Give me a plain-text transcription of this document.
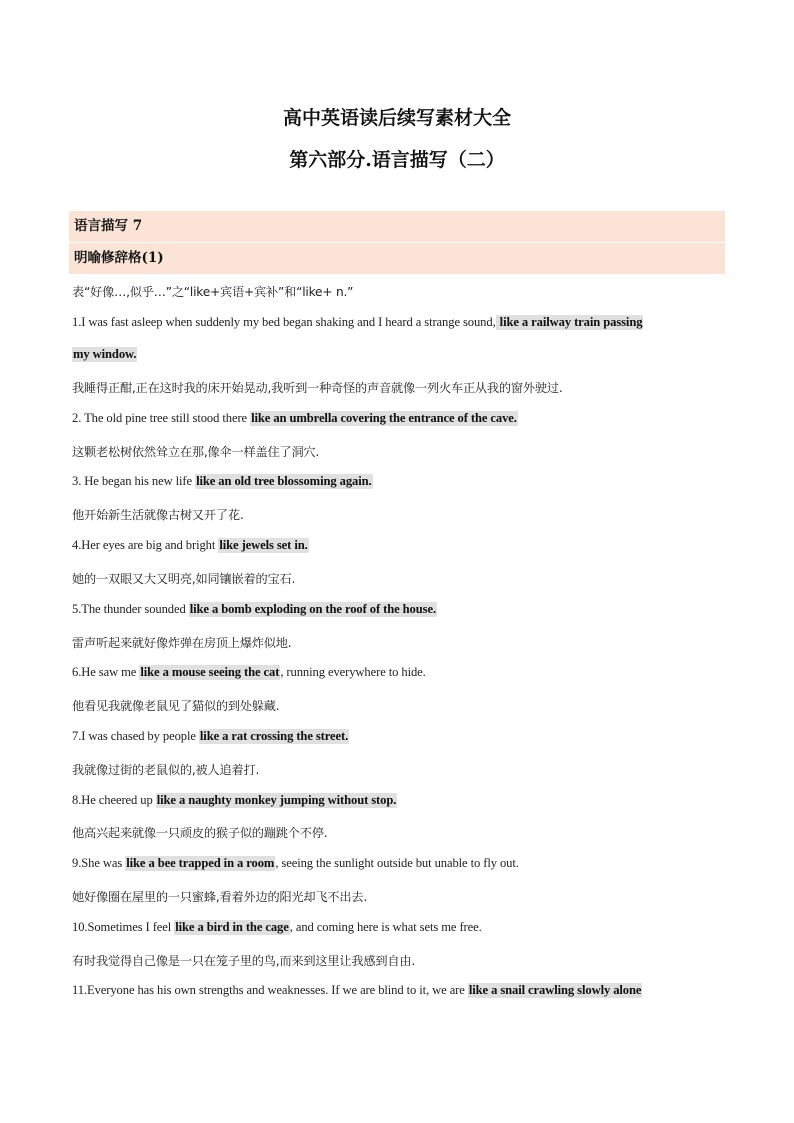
高中英语读后续写素材大全
第六部分.语言描写（二）
语言描写 7
明喻修辞格(1)
表“好像…,似乎…”之“like+宾语+宾补”和“like+ n.”
1.I was fast asleep when suddenly my bed began shaking and I heard a strange sound, like a railway train passing
my window.
我睡得正酣,正在这时我的床开始晃动,我听到一种奇怪的声音就像一列火车正从我的窗外驶过.
2. The old pine tree still stood there like an umbrella covering the entrance of the cave.
这颗老松树依然耸立在那,像伞一样盖住了洞穴.
3. He began his new life like an old tree blossoming again.
他开始新生活就像古树又开了花.
4.Her eyes are big and bright like jewels set in.
她的一双眼又大又明亮,如同镶嵌着的宝石.
5.The thunder sounded like a bomb exploding on the roof of the house.
雷声听起来就好像炸弹在房顶上爆炸似地.
6.He saw me like a mouse seeing the cat, running everywhere to hide.
他看见我就像老鼠见了猫似的到处躲藏.
7.I was chased by people like a rat crossing the street.
我就像过街的老鼠似的,被人追着打.
8.He cheered up like a naughty monkey jumping without stop.
他高兴起来就像一只顽皮的猴子似的蹦跳个不停.
9.She was like a bee trapped in a room, seeing the sunlight outside but unable to fly out.
她好像圈在屋里的一只蜜蜂,看着外边的阳光却飞不出去.
10.Sometimes I feel like a bird in the cage, and coming here is what sets me free.
有时我觉得自己像是一只在笼子里的鸟,而来到这里让我感到自由.
11.Everyone has his own strengths and weaknesses. If we are blind to it, we are like a snail crawling slowly alone
